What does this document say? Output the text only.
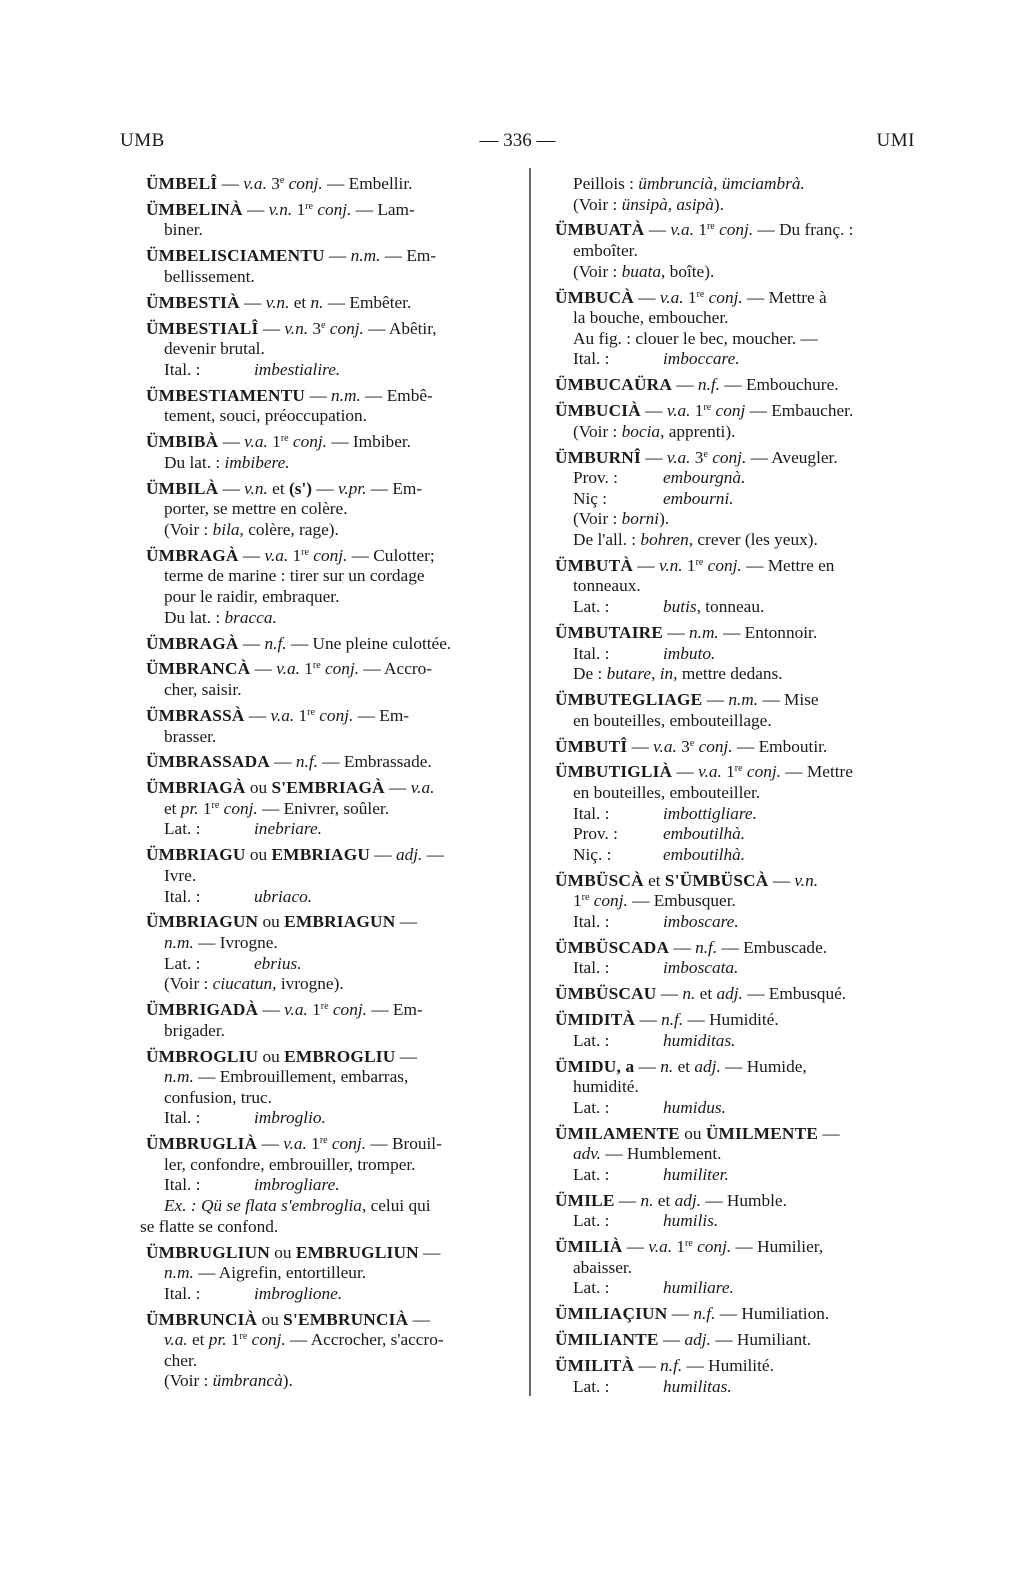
UMB	— 336 —	UMI
ÜMBELÎ — v.a. 3e conj. — Embellir.
ÜMBELINÀ — v.n. 1re conj. — Lam-
biner.
ÜMBELISCIAMENTU — n.m. — Em-
bellissement.
ÜMBESTIÀ — v.n. et n. — Embêter.
ÜMBESTIALÎ — v.n. 3e conj. — Abêtir,
devenir brutal.
Ital. :	imbestialire.
ÜMBESTIAMENTU — n.m. — Embê-
tement, souci, préoccupation.
ÜMBIBÀ — v.a. 1re conj. — Imbiber.
Du lat. : imbibere.
ÜMBILÀ — v.n. et (s') — v.pr. — Em-
porter, se mettre en colère.
(Voir : bila, colère, rage).
ÜMBRAGÀ — v.a. 1re conj. — Culotter;
terme de marine : tirer sur un cordage
pour le raidir, embraquer.
Du lat. : bracca.
ÜMBRAGÀ — n.f. — Une pleine culottée.
ÜMBRANCÀ — v.a. 1re conj. — Accro-
cher, saisir.
ÜMBRASSÀ — v.a. 1re conj. — Em-
brasser.
ÜMBRASSADA — n.f. — Embrassade.
ÜMBRIAGÀ ou S'EMBRIAGÀ — v.a.
et pr. 1re conj. — Enivrer, soûler.
Lat. :	inebriare.
ÜMBRIAGU ou EMBRIAGU — adj. —
Ivre.
Ital. :	ubriaco.
ÜMBRIAGUN ou EMBRIAGUN —
n.m. — Ivrogne.
Lat. :	ebrius.
(Voir : ciucatun, ivrogne).
ÜMBRIGADÀ — v.a. 1re conj. — Em-
brigader.
ÜMBROGLIU ou EMBROGLIU —
n.m. — Embrouillement, embarras,
confusion, truc.
Ital. :	imbroglio.
ÜMBRUGLIÀ — v.a. 1re conj. — Brouil-
ler, confondre, embrouiller, tromper.
Ital. :	imbrogliare.
Ex. : Qü se flata s'embroglia, celui qui
se flatte se confond.
ÜMBRUGLIUN ou EMBRUGLIUN —
n.m. — Aigrefin, entortilleur.
Ital. :	imbroglione.
ÜMBRUNCIÀ ou S'EMBRUNCIÀ —
v.a. et pr. 1re conj. — Accrocher, s'accro-
cher.
(Voir : ümbrancà).
Peillois : ümbruncià, ümciambrà.
(Voir : ünsipà, asipà).
ÜMBUATÀ — v.a. 1re conj. — Du franç. :
emboîter.
(Voir : buata, boîte).
ÜMBUCÀ — v.a. 1re conj. — Mettre à
la bouche, emboucher.
Au fig. : clouer le bec, moucher. —
Ital. :	imboccare.
ÜMBUCAÜRA — n.f. — Embouchure.
ÜMBUCIÀ — v.a. 1re conj — Embaucher.
(Voir : bocia, apprenti).
ÜMBURNÎ — v.a. 3e conj. — Aveugler.
Prov. :	embourgnà.
Niç :	embourni.
(Voir : borni).
De l'all. : bohren, crever (les yeux).
ÜMBUTÀ — v.n. 1re conj. — Mettre en
tonneaux.
Lat. :	butis, tonneau.
ÜMBUTAIRE — n.m. — Entonnoir.
Ital. :	imbuto.
De : butare, in, mettre dedans.
ÜMBUTEGLIAGE — n.m. — Mise
en bouteilles, embouteillage.
ÜMBUTÎ — v.a. 3e conj. — Emboutir.
ÜMBUTIGLIÀ — v.a. 1re conj. — Mettre
en bouteilles, embouteiller.
Ital. :	imbottigliare.
Prov. :	emboutilhà.
Niç. :	emboutilhà.
ÜMBÜSCÀ et S'ÜMBÜSCÀ — v.n.
1re conj. — Embusquer.
Ital. :	imboscare.
ÜMBÜSCADA — n.f. — Embuscade.
Ital. :	imboscata.
ÜMBÜSCAU — n. et adj. — Embusqué.
ÜMIDITÀ — n.f. — Humidité.
Lat. :	humiditas.
ÜMIDU, a — n. et adj. — Humide,
humidité.
Lat. :	humidus.
ÜMILAMENTE ou ÜMILMENTE —
adv. — Humblement.
Lat. :	humiliter.
ÜMILE — n. et adj. — Humble.
Lat. :	humilis.
ÜMILIÀ — v.a. 1re conj. — Humilier,
abaisser.
Lat. :	humiliare.
ÜMILIAÇIUN — n.f. — Humiliation.
ÜMILIANTE — adj. — Humiliant.
ÜMILITÀ — n.f. — Humilité.
Lat. :	humilitas.
